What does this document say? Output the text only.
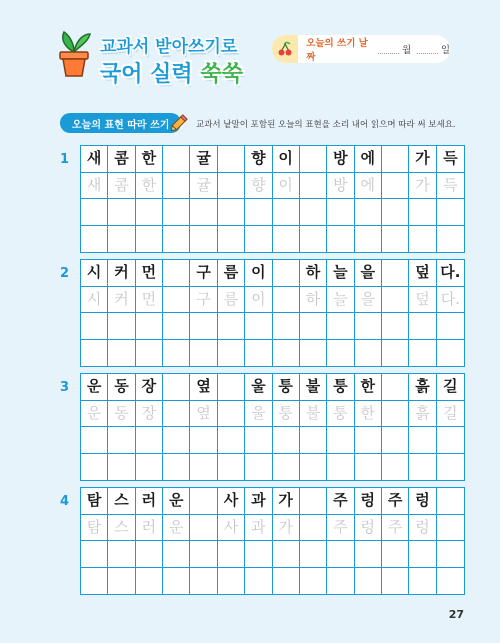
교과서 받아쓰기로
국어 실력 쑥쑥
오늘의 쓰기 날짜
월	일
오늘의 표현 따라 쓰기	교과서 낱말이 포함된 오늘의 표현을 소리 내어 읽으며 따라 써 보세요.
1	새 콤 한	귤	향 이	방 에	가 득
새 콤 한	귤	향 이	방 에	가 득
2	시 커 먼	구 름 이	하 늘 을	덮 다.
시 커 먼	구 름 이	하 늘 을	덮 다.
3	운 동 장	옆	울 퉁 불 퉁 한	흙 길
운 동 장	옆	울 퉁 불 퉁 한	흙 길
4	탐 스 러 운	사 과 가	주 렁 주 렁
탐 스 러 운	사 과 가	주 렁 주 렁
27
